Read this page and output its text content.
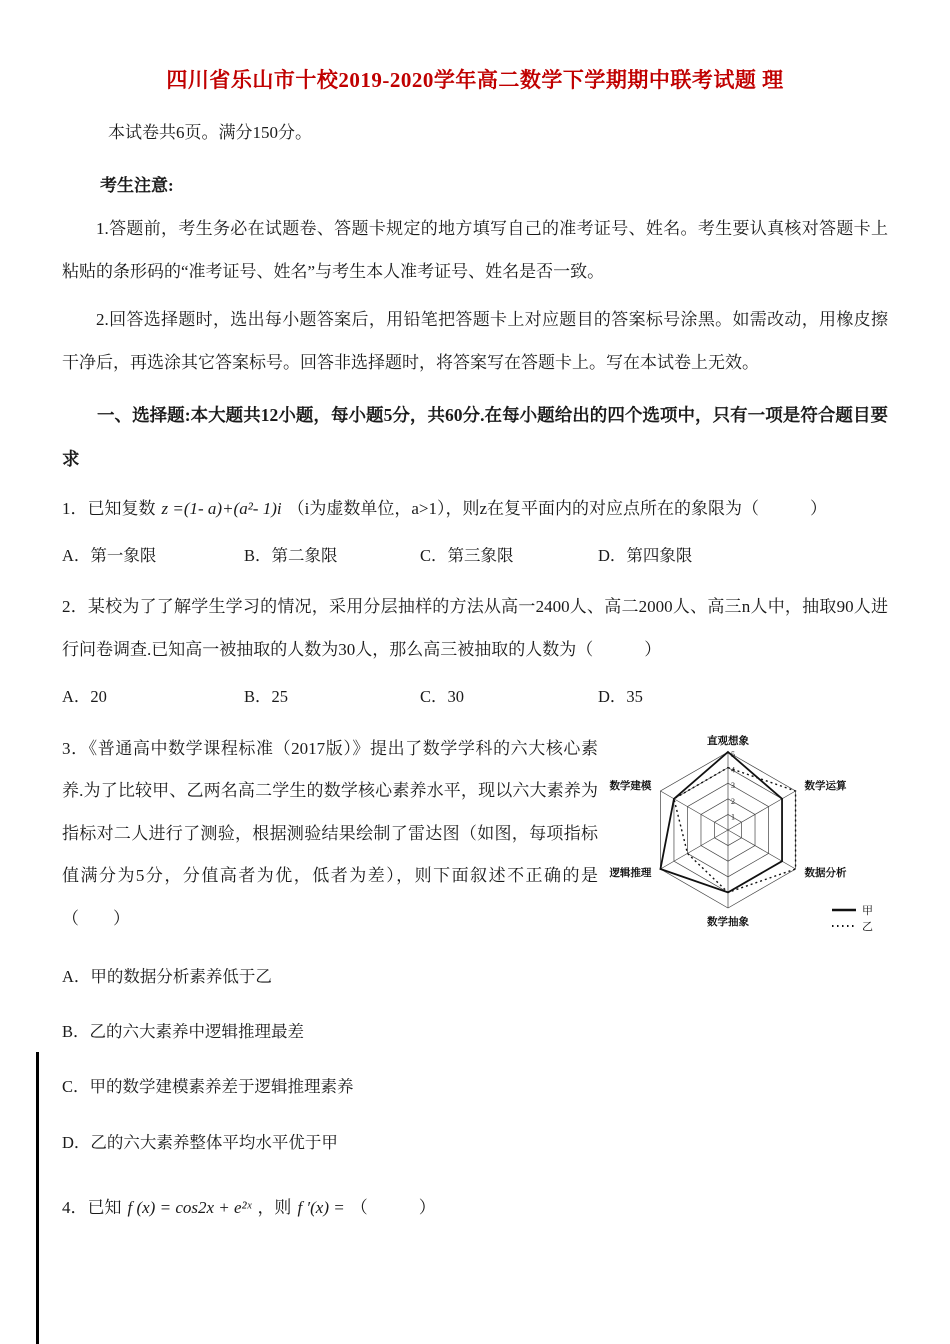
四川省乐山市十校2019-2020学年高二数学下学期期中联考试题 理

本试卷共6页。满分150分。

考生注意:

1.答题前，考生务必在试题卷、答题卡规定的地方填写自己的准考证号、姓名。考生要认真核对答题卡上粘贴的条形码的“准考证号、姓名”与考生本人准考证号、姓名是否一致。

2.回答选择题时，选出每小题答案后，用铅笔把答题卡上对应题目的答案标号涂黑。如需改动，用橡皮擦干净后，再选涂其它答案标号。回答非选择题时，将答案写在答题卡上。写在本试卷上无效。

一、选择题:本大题共12小题，每小题5分，共60分.在每小题给出的四个选项中，只有一项是符合题目要求

1．已知复数 z =(1- a)+(a²- 1)i （i为虚数单位，a>1），则z在复平面内的对应点所在的象限为（　　　）

A．第一象限	B．第二象限	C．第三象限	D．第四象限

2．某校为了了解学生学习的情况，采用分层抽样的方法从高一2400人、高二2000人、高三n人中，抽取90人进行问卷调查.已知高一被抽取的人数为30人，那么高三被抽取的人数为（　　　）

A．20	B．25	C．30	D．35

3．《普通高中数学课程标准（2017版）》提出了数学学科的六大核心素养.为了比较甲、乙两名高二学生的数学核心素养水平，现以六大素养为指标对二人进行了测验，根据测验结果绘制了雷达图（如图，每项指标值满分为5分，分值高者为优，低者为差），则下面叙述不正确的是（　　）

1
2
3
4
5
直观想象
数学运算
数据分析
数学抽象
逻辑推理
数学建模
甲
乙

A．甲的数据分析素养低于乙

B．乙的六大素养中逻辑推理最差

C．甲的数学建模素养差于逻辑推理素养

D．乙的六大素养整体平均水平优于甲

4．已知 f (x) = cos2x + e²ˣ ，则 f ′(x) = （　　　）
